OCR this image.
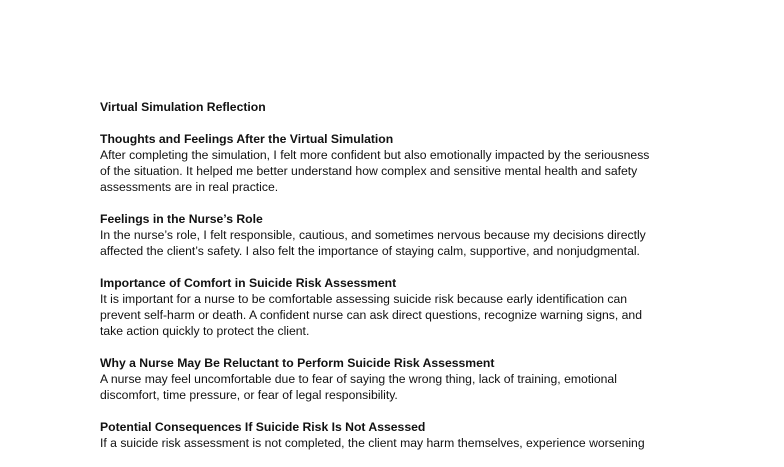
Virtual Simulation Reflection

Thoughts and Feelings After the Virtual Simulation

After completing the simulation, I felt more confident but also emotionally impacted by the seriousness

of the situation. It helped me better understand how complex and sensitive mental health and safety

assessments are in real practice.

Feelings in the Nurse’s Role

In the nurse’s role, I felt responsible, cautious, and sometimes nervous because my decisions directly

affected the client’s safety. I also felt the importance of staying calm, supportive, and nonjudgmental.

Importance of Comfort in Suicide Risk Assessment

It is important for a nurse to be comfortable assessing suicide risk because early identification can

prevent self-harm or death. A confident nurse can ask direct questions, recognize warning signs, and

take action quickly to protect the client.

Why a Nurse May Be Reluctant to Perform Suicide Risk Assessment

A nurse may feel uncomfortable due to fear of saying the wrong thing, lack of training, emotional

discomfort, time pressure, or fear of legal responsibility.

Potential Consequences If Suicide Risk Is Not Assessed

If a suicide risk assessment is not completed, the client may harm themselves, experience worsening
